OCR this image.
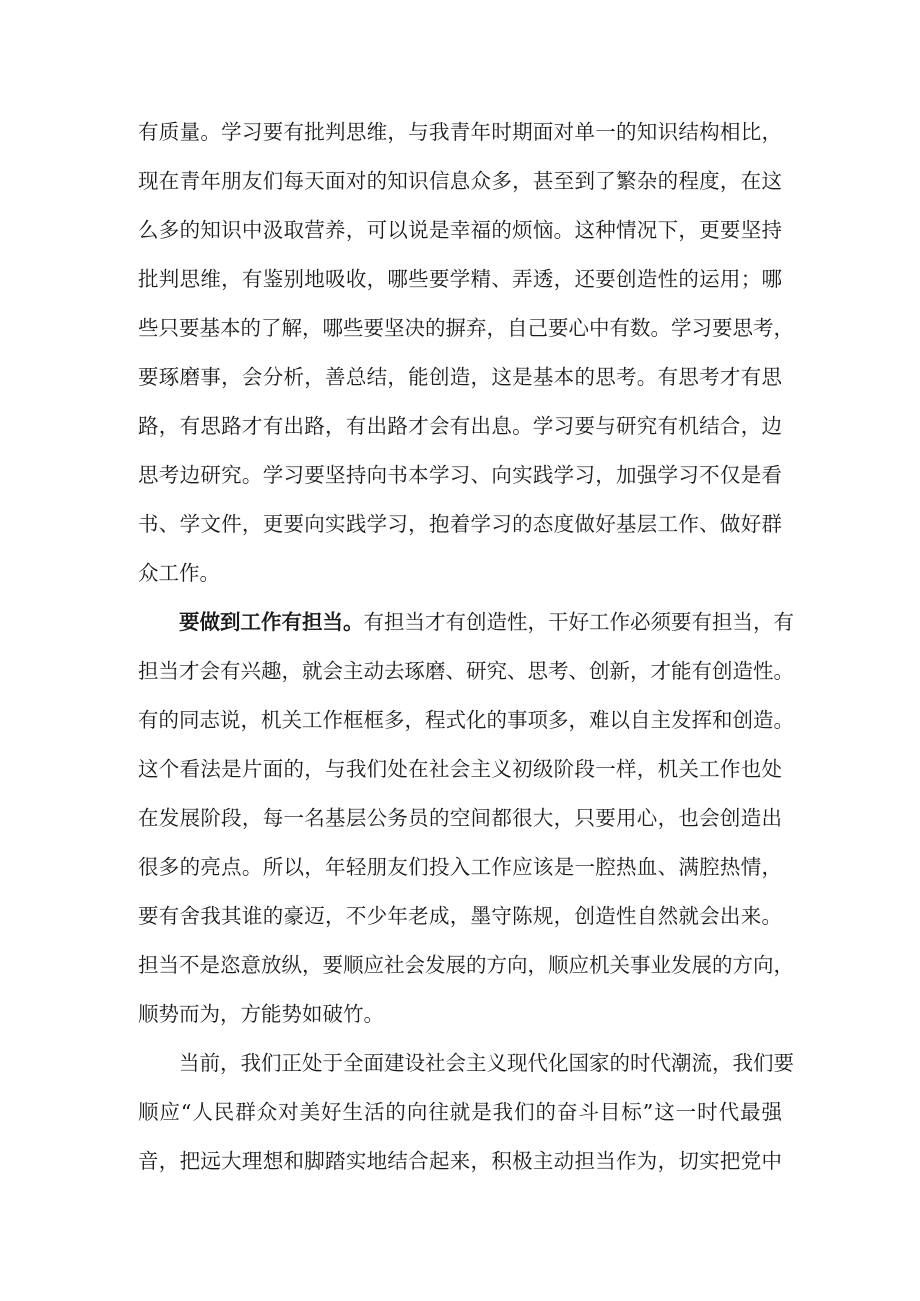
有质量。学习要有批判思维，与我青年时期面对单一的知识结构相比，
现在青年朋友们每天面对的知识信息众多，甚至到了繁杂的程度，在这
么多的知识中汲取营养，可以说是幸福的烦恼。这种情况下，更要坚持
批判思维，有鉴别地吸收，哪些要学精、弄透，还要创造性的运用；哪
些只要基本的了解，哪些要坚决的摒弃，自己要心中有数。学习要思考，
要琢磨事，会分析，善总结，能创造，这是基本的思考。有思考才有思
路，有思路才有出路，有出路才会有出息。学习要与研究有机结合，边
思考边研究。学习要坚持向书本学习、向实践学习，加强学习不仅是看
书、学文件，更要向实践学习，抱着学习的态度做好基层工作、做好群
众工作。
要做到工作有担当。有担当才有创造性，干好工作必须要有担当，有
担当才会有兴趣，就会主动去琢磨、研究、思考、创新，才能有创造性。
有的同志说，机关工作框框多，程式化的事项多，难以自主发挥和创造。
这个看法是片面的，与我们处在社会主义初级阶段一样，机关工作也处
在发展阶段，每一名基层公务员的空间都很大，只要用心，也会创造出
很多的亮点。所以，年轻朋友们投入工作应该是一腔热血、满腔热情，
要有舍我其谁的豪迈，不少年老成，墨守陈规，创造性自然就会出来。
担当不是恣意放纵，要顺应社会发展的方向，顺应机关事业发展的方向，
顺势而为，方能势如破竹。
当前，我们正处于全面建设社会主义现代化国家的时代潮流，我们要
顺应“人民群众对美好生活的向往就是我们的奋斗目标”这一时代最强
音，把远大理想和脚踏实地结合起来，积极主动担当作为，切实把党中
